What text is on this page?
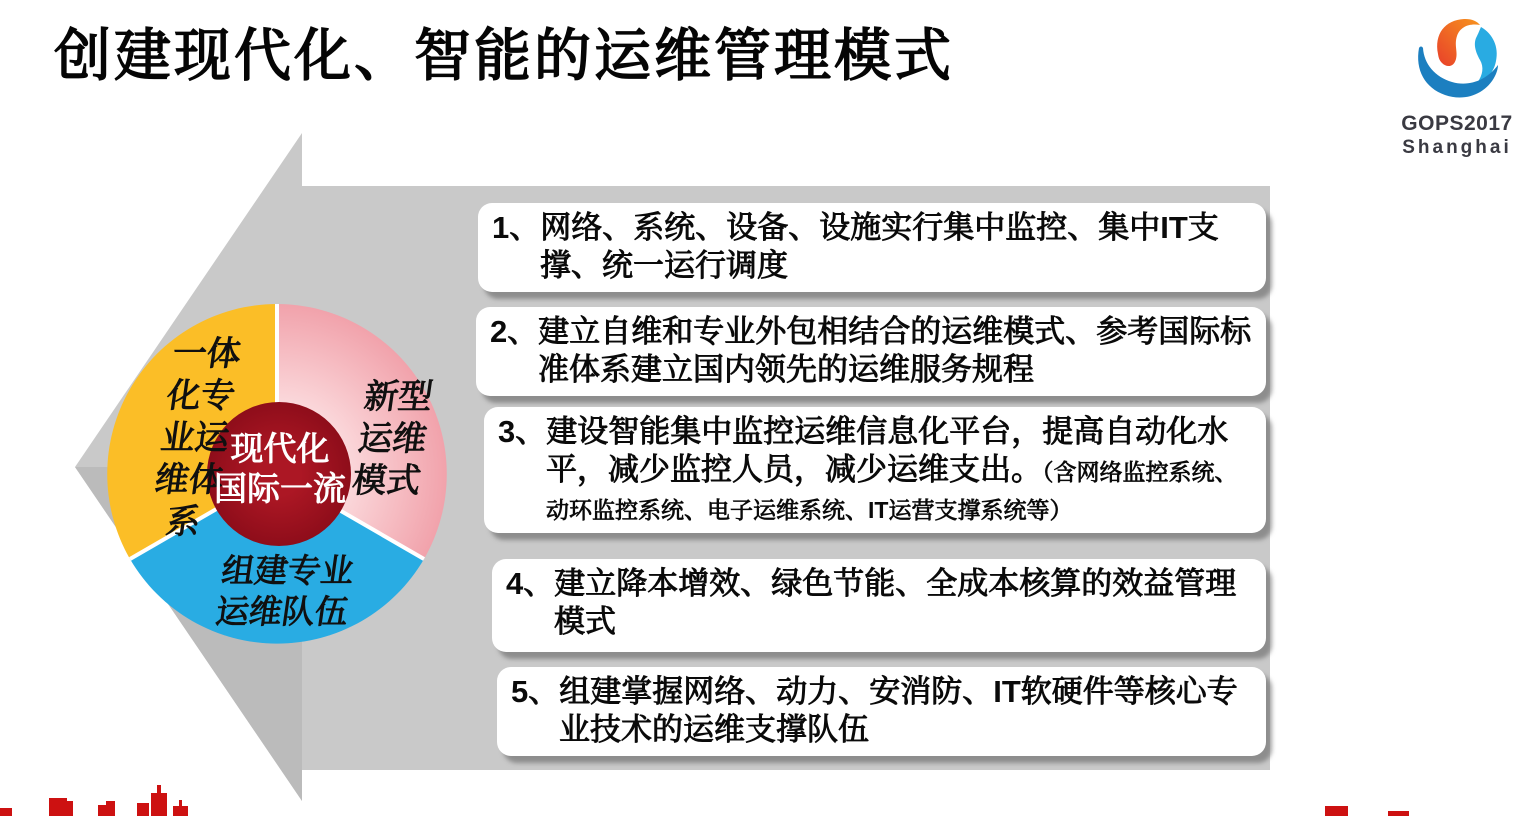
创建现代化、智能的运维管理模式
GOPS2017
Shanghai
一体
化专
业运
维体
系
新型
运维
模式
组建专业
运维队伍
现代化
国际一流
1、网络、系统、设备、设施实行集中监控、集中IT支撑、统一运行调度
2、建立自维和专业外包相结合的运维模式、参考国际标准体系建立国内领先的运维服务规程
3、建设智能集中监控运维信息化平台，提高自动化水平，减少监控人员，减少运维支出。（含网络监控系统、动环监控系统、电子运维系统、IT运营支撑系统等）
4、建立降本增效、绿色节能、全成本核算的效益管理模式
5、组建掌握网络、动力、安消防、IT软硬件等核心专业技术的运维支撑队伍
